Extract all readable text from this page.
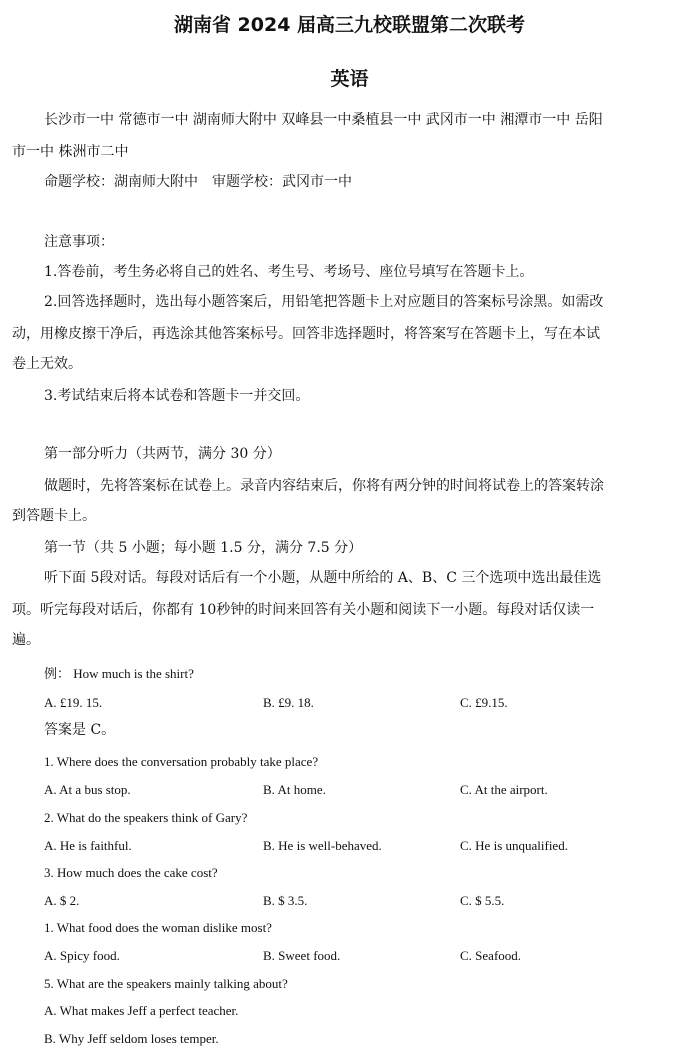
湖南省 2024 届高三九校联盟第二次联考
英语
长沙市一中 常德市一中 湖南师大附中 双峰县一中桑植县一中 武冈市一中 湘潭市一中 岳阳
市一中 株洲市二中
命题学校：湖南师大附中　审题学校：武冈市一中
注意事项：
1.答卷前，考生务必将自己的姓名、考生号、考场号、座位号填写在答题卡上。
2.回答选择题时，选出每小题答案后，用铅笔把答题卡上对应题目的答案标号涂黑。如需改
动，用橡皮擦干净后，再选涂其他答案标号。回答非选择题时，将答案写在答题卡上，写在本试
卷上无效。
3.考试结束后将本试卷和答题卡一并交回。
第一部分听力（共两节，满分 30 分）
做题时，先将答案标在试卷上。录音内容结束后，你将有两分钟的时间将试卷上的答案转涂
到答题卡上。
第一节（共 5 小题；每小题 1.5 分，满分 7.5 分）
听下面 5段对话。每段对话后有一个小题，从题中所给的 A、B、C 三个选项中选出最佳选
项。听完每段对话后，你都有 10秒钟的时间来回答有关小题和阅读下一小题。每段对话仅读一
遍。
例： How much is the shirt?
A. £19. 15.	B. £9. 18.	C. £9.15.
答案是 C。
1. Where does the conversation probably take place?
A. At a bus stop.	B. At home.	C. At the airport.
2. What do the speakers think of Gary?
A. He is faithful.	B. He is well-behaved.	C. He is unqualified.
3. How much does the cake cost?
A. $ 2.	B. $ 3.5.	C. $ 5.5.
1. What food does the woman dislike most?
A. Spicy food.	B. Sweet food.	C. Seafood.
5. What are the speakers mainly talking about?
A. What makes Jeff a perfect teacher.
B. Why Jeff seldom loses temper.
